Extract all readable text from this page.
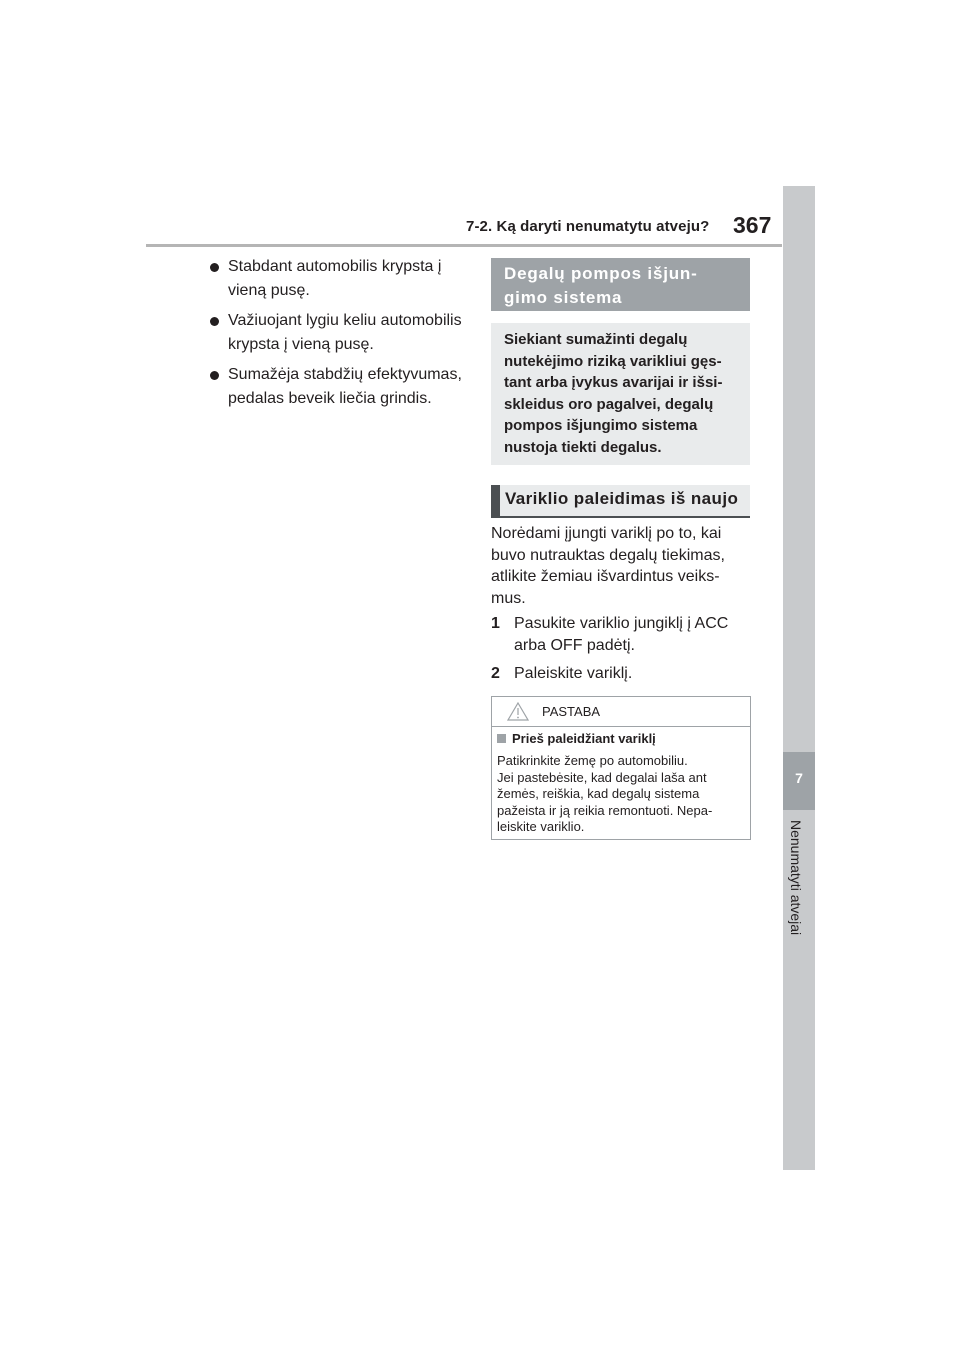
7-2. Ką daryti nenumatytu atveju? 367
7
Nenumatyti atvejai
Stabdant automobilis krypsta į vieną pusę.
Važiuojant lygiu keliu automobilis krypsta į vieną pusę.
Sumažėja stabdžių efektyvumas, pedalas beveik liečia grindis.
Degalų pompos išjun-gimo sistema

Siekiant sumažinti degalų nutekėjimo riziką varikliui gęs-tant arba įvykus avarijai ir išsi-skleidus oro pagalvei, degalų pompos išjungimo sistema nustoja tiekti degalus.

Variklio paleidimas iš naujo

Norėdami įjungti variklį po to, kai buvo nutrauktas degalų tiekimas, atlikite žemiau išvardintus veiks-mus.

1 Pasukite variklio jungiklį į ACC arba OFF padėtį.
2 Paleiskite variklį.
PASTABA
Prieš paleidžiant variklį

Patikrinkite žemę po automobiliu.
Jei pastebėsite, kad degalai laša ant
žemės, reiškia, kad degalų sistema
pažeista ir ją reikia remontuoti. Nepa-
leiskite variklio.
